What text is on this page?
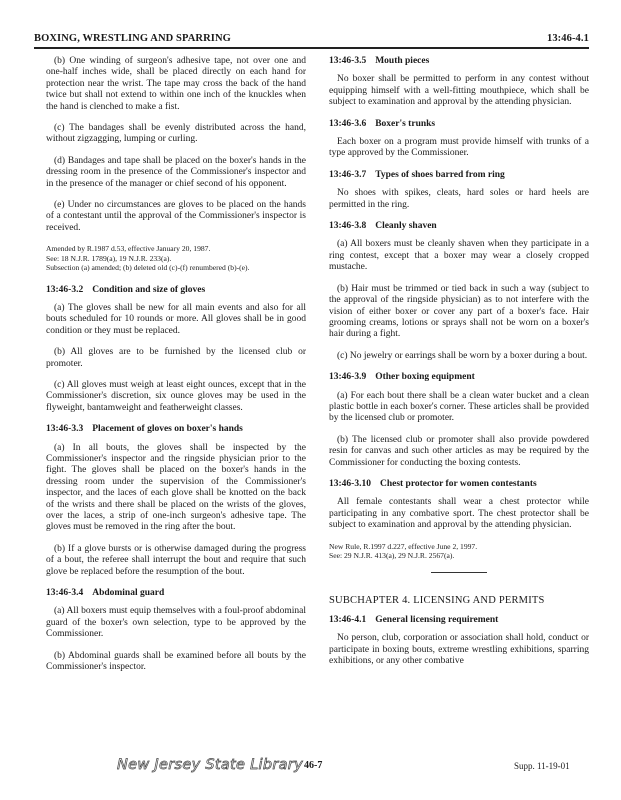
BOXING, WRESTLING AND SPARRING	13:46-4.1

(b) One winding of surgeon's adhesive tape, not over one and one-half inches wide, shall be placed directly on each hand for protection near the wrist. The tape may cross the back of the hand twice but shall not extend to within one inch of the knuckles when the hand is clenched to make a fist.

(c) The bandages shall be evenly distributed across the hand, without zigzagging, lumping or curling.

(d) Bandages and tape shall be placed on the boxer's hands in the dressing room in the presence of the Commissioner's inspector and in the presence of the manager or chief second of his opponent.

(e) Under no circumstances are gloves to be placed on the hands of a contestant until the approval of the Commissioner's inspector is received.

Amended by R.1987 d.53, effective January 20, 1987.
See: 18 N.J.R. 1789(a), 19 N.J.R. 233(a).
Subsection (a) amended; (b) deleted old (c)-(f) renumbered (b)-(e).
13:46-3.2 Condition and size of gloves

(a) The gloves shall be new for all main events and also for all bouts scheduled for 10 rounds or more. All gloves shall be in good condition or they must be replaced.

(b) All gloves are to be furnished by the licensed club or promoter.

(c) All gloves must weigh at least eight ounces, except that in the Commissioner's discretion, six ounce gloves may be used in the flyweight, bantamweight and featherweight classes.

13:46-3.3 Placement of gloves on boxer's hands

(a) In all bouts, the gloves shall be inspected by the Commissioner's inspector and the ringside physician prior to the fight. The gloves shall be placed on the boxer's hands in the dressing room under the supervision of the Commissioner's inspector, and the laces of each glove shall be knotted on the back of the wrists and there shall be placed on the wrists of the gloves, over the laces, a strip of one-inch surgeon's adhesive tape. The gloves must be removed in the ring after the bout.

(b) If a glove bursts or is otherwise damaged during the progress of a bout, the referee shall interrupt the bout and require that such glove be replaced before the resumption of the bout.

13:46-3.4 Abdominal guard

(a) All boxers must equip themselves with a foul-proof abdominal guard of the boxer's own selection, type to be approved by the Commissioner.

(b) Abdominal guards shall be examined before all bouts by the Commissioner's inspector.

13:46-3.5 Mouth pieces

No boxer shall be permitted to perform in any contest without equipping himself with a well-fitting mouthpiece, which shall be subject to examination and approval by the attending physician.

13:46-3.6 Boxer's trunks

Each boxer on a program must provide himself with trunks of a type approved by the Commissioner.

13:46-3.7 Types of shoes barred from ring

No shoes with spikes, cleats, hard soles or hard heels are permitted in the ring.

13:46-3.8 Cleanly shaven

(a) All boxers must be cleanly shaven when they participate in a ring contest, except that a boxer may wear a closely cropped mustache.

(b) Hair must be trimmed or tied back in such a way (subject to the approval of the ringside physician) as to not interfere with the vision of either boxer or cover any part of a boxer's face. Hair grooming creams, lotions or sprays shall not be worn on a boxer's hair during a fight.

(c) No jewelry or earrings shall be worn by a boxer during a bout.

13:46-3.9 Other boxing equipment

(a) For each bout there shall be a clean water bucket and a clean plastic bottle in each boxer's corner. These articles shall be provided by the licensed club or promoter.

(b) The licensed club or promoter shall also provide powdered resin for canvas and such other articles as may be required by the Commissioner for conducting the boxing contests.

13:46-3.10 Chest protector for women contestants

All female contestants shall wear a chest protector while participating in any combative sport. The chest protector shall be subject to examination and approval by the attending physician.

New Rule, R.1997 d.227, effective June 2, 1997.
See: 29 N.J.R. 413(a), 29 N.J.R. 2567(a).
SUBCHAPTER 4. LICENSING AND PERMITS
13:46-4.1 General licensing requirement

No person, club, corporation or association shall hold, conduct or participate in boxing bouts, extreme wrestling exhibitions, sparring exhibitions, or any other combative

New Jersey State Library 46-7	Supp. 11-19-01
